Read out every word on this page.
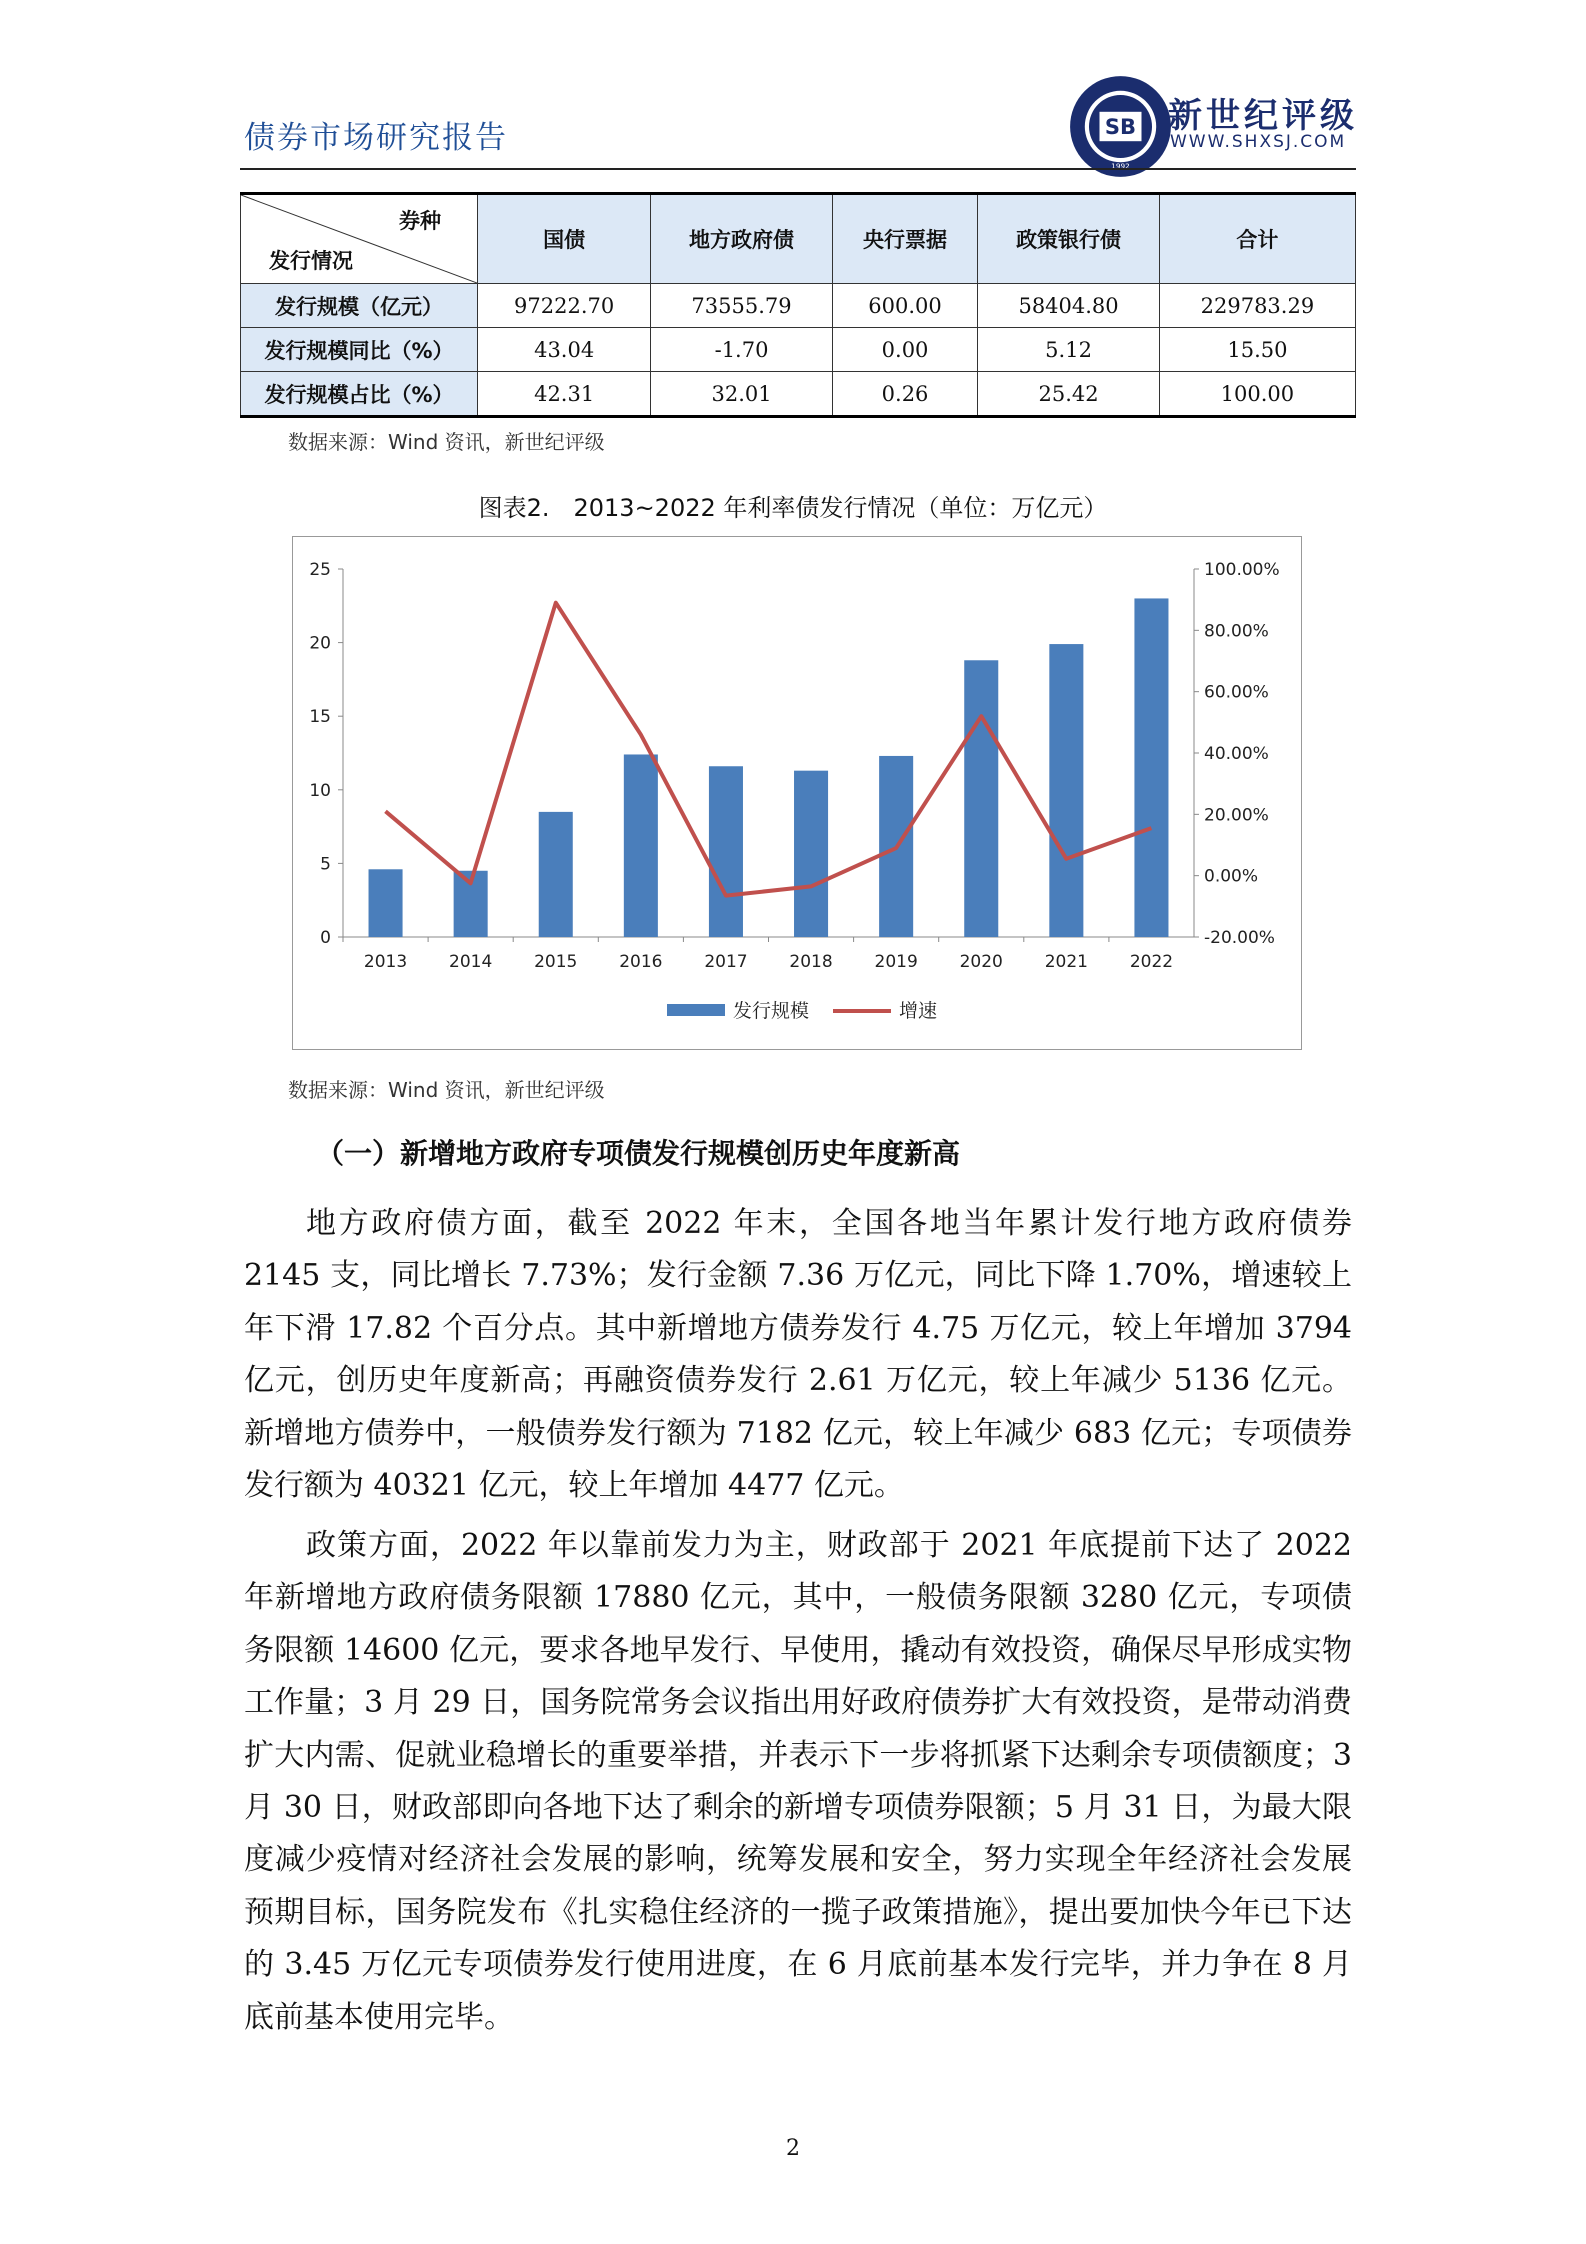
债券市场研究报告	SB
1992
新世纪评级
WWW.SHXSJ.COM
券种
发行情况	国债	地方政府债	央行票据	政策银行债	合计
发行规模（亿元）	97222.70	73555.79	600.00	58404.80	229783.29
发行规模同比（%）	43.04	-1.70	0.00	5.12	15.50
发行规模占比（%）	42.31	32.01	0.26	25.42	100.00
数据来源：Wind 资讯，新世纪评级
图表2.　2013~2022 年利率债发行情况（单位：万亿元）
0
5
10
15
20
25
-20.00%
0.00%
20.00%
40.00%
60.00%
80.00%
100.00%
2013 2014 2015 2016 2017 2018 2019 2020 2021 2022
发行规模	增速
数据来源：Wind 资讯，新世纪评级
（一）新增地方政府专项债发行规模创历史年度新高

地方政府债方面，截至 2022 年末，全国各地当年累计发行地方政府债券 2145 支，同比增长 7.73%；发行金额 7.36 万亿元，同比下降 1.70%，增速较上年下滑 17.82 个百分点。其中新增地方债券发行 4.75 万亿元，较上年增加 3794 亿元，创历史年度新高；再融资债券发行 2.61 万亿元，较上年减少 5136 亿元。新增地方债券中，一般债券发行额为 7182 亿元，较上年减少 683 亿元；专项债券发行额为 40321 亿元，较上年增加 4477 亿元。

政策方面，2022 年以靠前发力为主，财政部于 2021 年底提前下达了 2022 年新增地方政府债务限额 17880 亿元，其中，一般债务限额 3280 亿元，专项债务限额 14600 亿元，要求各地早发行、早使用，撬动有效投资，确保尽早形成实物工作量；3 月 29 日，国务院常务会议指出用好政府债券扩大有效投资，是带动消费扩大内需、促就业稳增长的重要举措，并表示下一步将抓紧下达剩余专项债额度；3 月 30 日，财政部即向各地下达了剩余的新增专项债券限额；5 月 31 日，为最大限度减少疫情对经济社会发展的影响，统筹发展和安全，努力实现全年经济社会发展预期目标，国务院发布《扎实稳住经济的一揽子政策措施》，提出要加快今年已下达的 3.45 万亿元专项债券发行使用进度，在 6 月底前基本发行完毕，并力争在 8 月底前基本使用完毕。

2
